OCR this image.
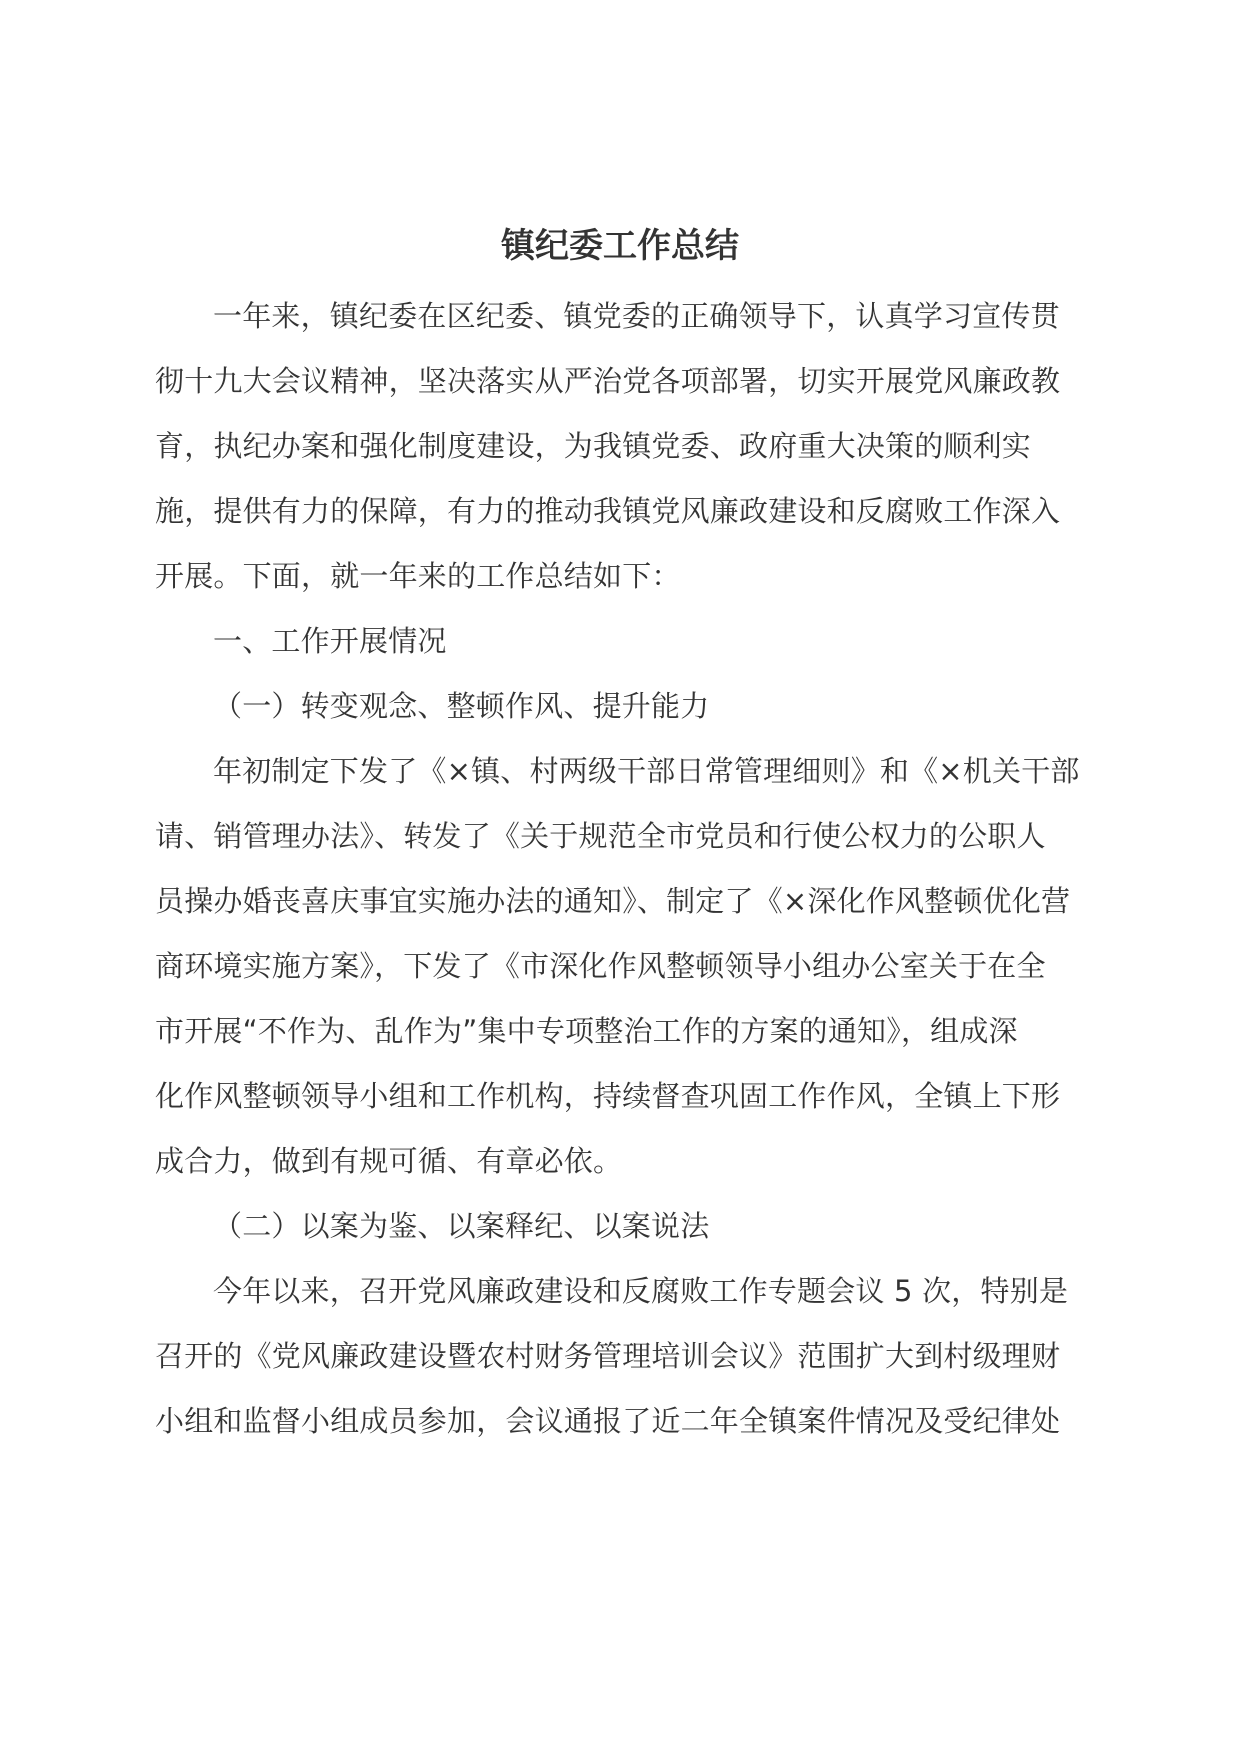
镇纪委工作总结
一年来，镇纪委在区纪委、镇党委的正确领导下，认真学习宣传贯
彻十九大会议精神，坚决落实从严治党各项部署，切实开展党风廉政教
育，执纪办案和强化制度建设，为我镇党委、政府重大决策的顺利实
施，提供有力的保障，有力的推动我镇党风廉政建设和反腐败工作深入
开展。下面，就一年来的工作总结如下：
一、工作开展情况
（一）转变观念、整顿作风、提升能力
年初制定下发了《×镇、村两级干部日常管理细则》和《×机关干部
请、销管理办法》、转发了《关于规范全市党员和行使公权力的公职人
员操办婚丧喜庆事宜实施办法的通知》、制定了《×深化作风整顿优化营
商环境实施方案》，下发了《市深化作风整顿领导小组办公室关于在全
市开展“不作为、乱作为”集中专项整治工作的方案的通知》，组成深
化作风整顿领导小组和工作机构，持续督查巩固工作作风，全镇上下形
成合力，做到有规可循、有章必依。
（二）以案为鉴、以案释纪、以案说法
今年以来，召开党风廉政建设和反腐败工作专题会议 5 次，特别是
召开的《党风廉政建设暨农村财务管理培训会议》范围扩大到村级理财
小组和监督小组成员参加，会议通报了近二年全镇案件情况及受纪律处
